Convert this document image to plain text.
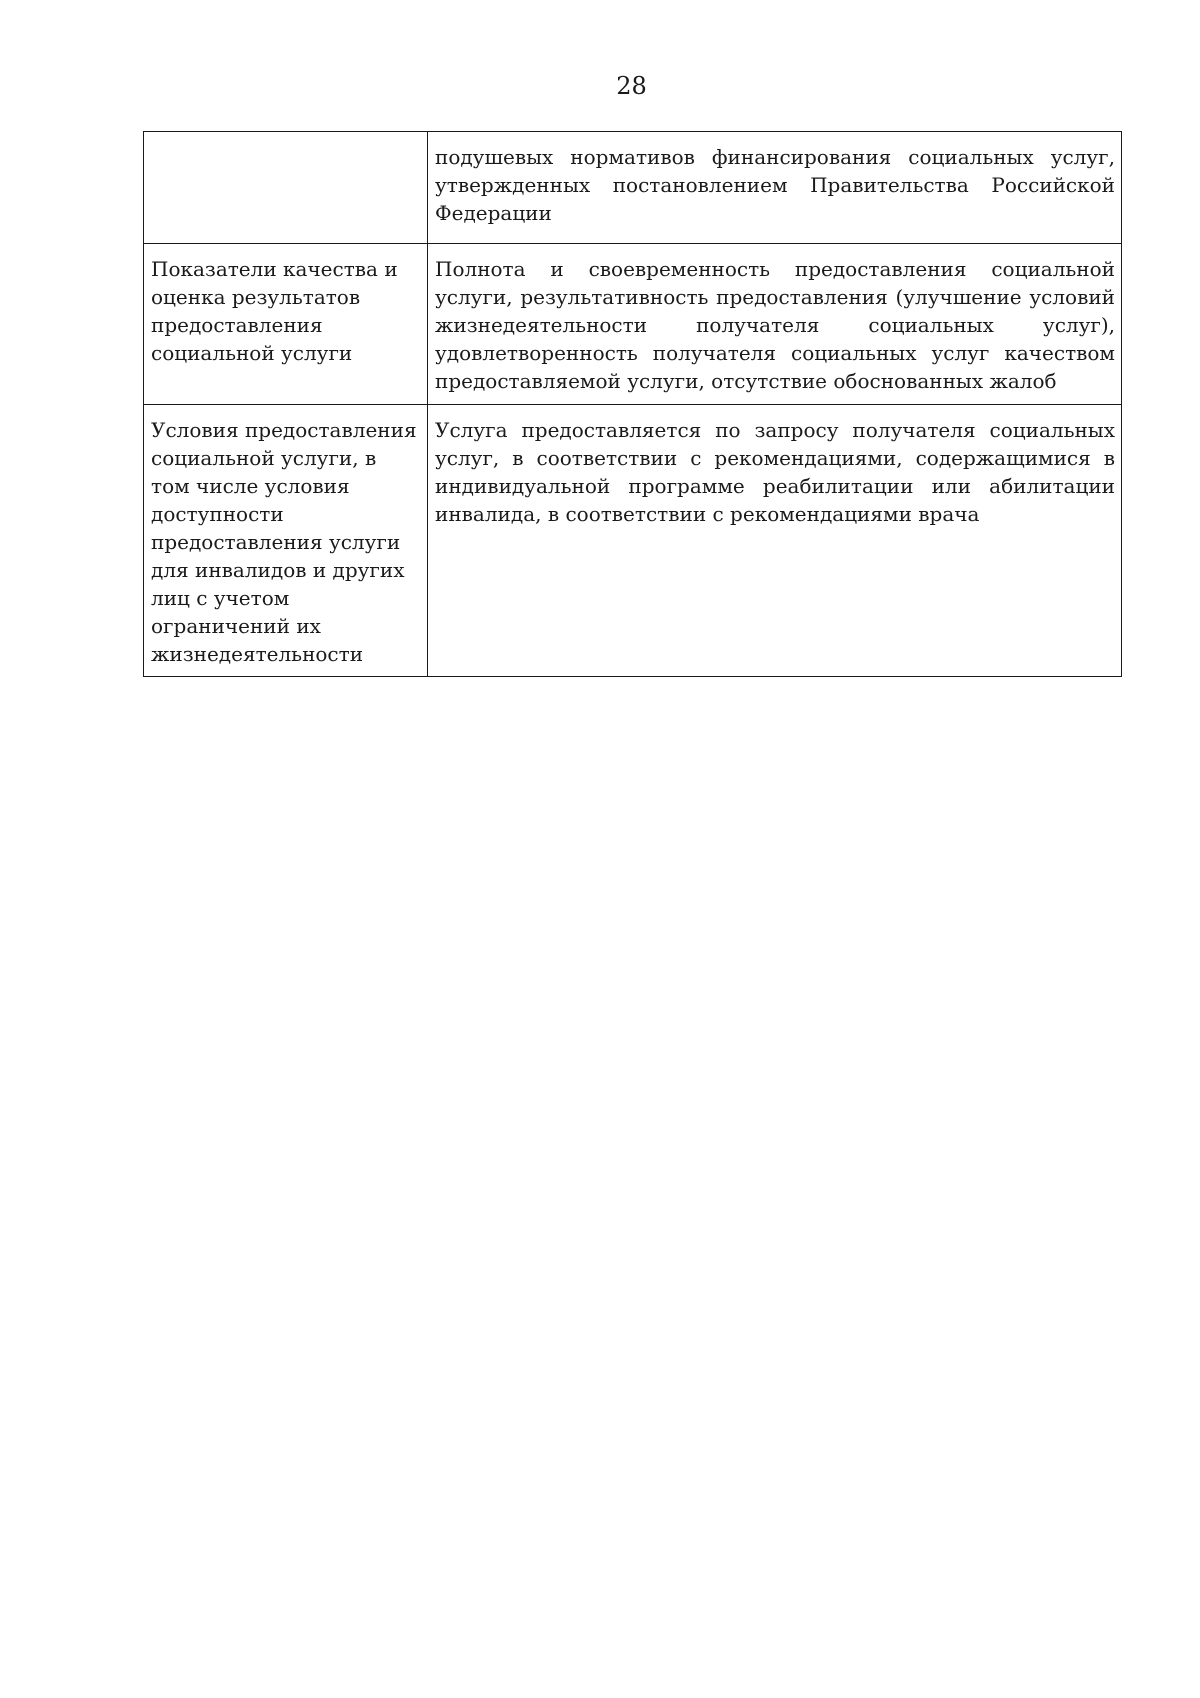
28
	подушевых нормативов финансирования социальных услуг, утвержденных постановлением Правительства Российской Федерации
Показатели качества и оценка результатов предоставления социальной услуги	Полнота и своевременность предоставления социальной услуги, результативность предоставления (улучшение условий жизнедеятельности получателя социальных услуг), удовлетворенность получателя социальных услуг качеством предоставляемой услуги, отсутствие обоснованных жалоб
Условия предоставления социальной услуги, в том числе условия доступности предоставления услуги для инвалидов и других лиц с учетом ограничений их жизнедеятельности	Услуга предоставляется по запросу получателя социальных услуг, в соответствии с рекомендациями, содержащимися в индивидуальной программе реабилитации или абилитации инвалида, в соответствии с рекомендациями врача
